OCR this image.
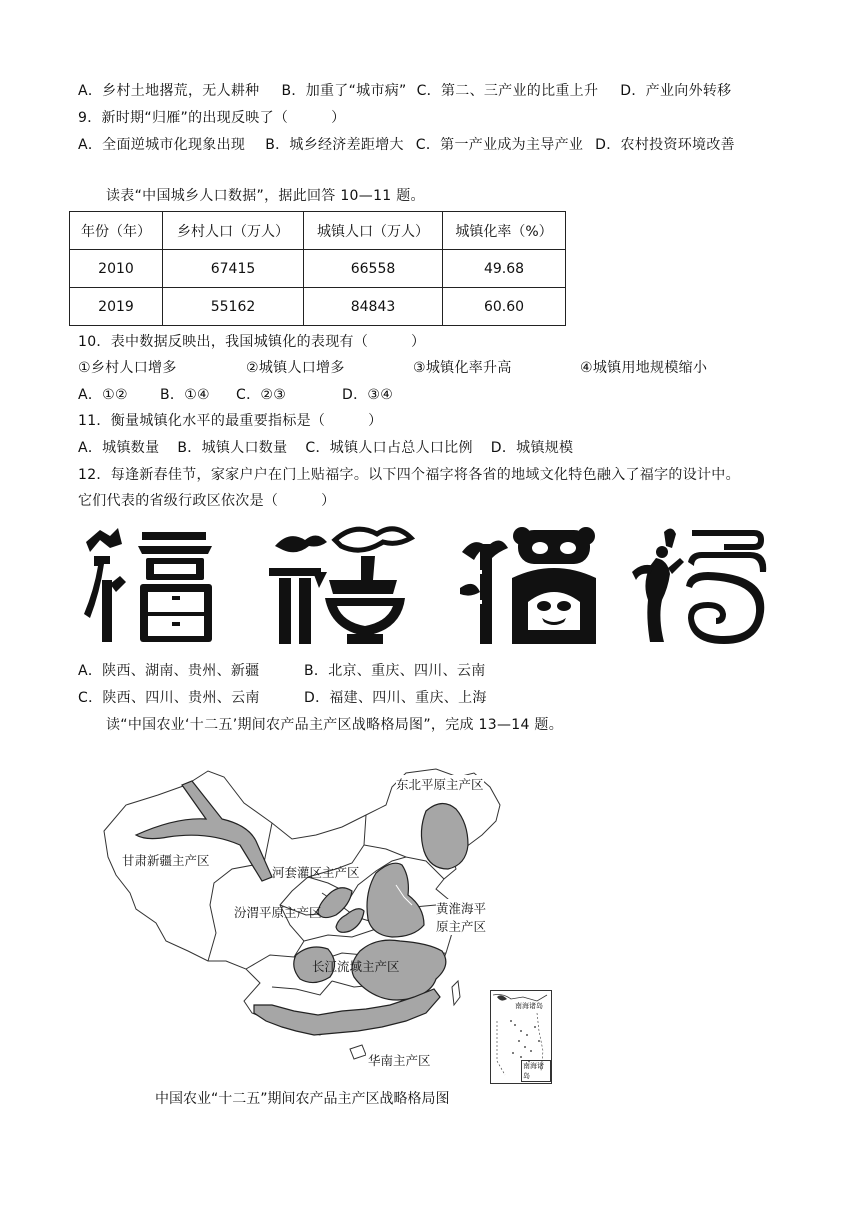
A．乡村土地撂荒，无人耕种 B．加重了“城市病” C．第二、三产业的比重上升 D．产业向外转移
9．新时期“归雁”的出现反映了（　　　）
A．全面逆城市化现象出现 B．城乡经济差距增大 C．第一产业成为主导产业 D．农村投资环境改善
读表“中国城乡人口数据”，据此回答 10—11 题。
年份（年）	乡村人口（万人）	城镇人口（万人）	城镇化率（%）
2010	67415	66558	49.68
2019	55162	84843	60.60
10．表中数据反映出，我国城镇化的表现有（　　　）
①乡村人口增多	②城镇人口增多	③城镇化率升高	④城镇用地规模缩小
A．①② B．①④ C．②③	D．③④
11．衡量城镇化水平的最重要指标是（　　　）
A．城镇数量 B．城镇人口数量 C．城镇人口占总人口比例 D．城镇规模
12．每逢新春佳节，家家户户在门上贴福字。以下四个福字将各省的地域文化特色融入了福字的设计中。
它们代表的省级行政区依次是（　　　）
A．陕西、湖南、贵州、新疆	B．北京、重庆、四川、云南
C．陕西、四川、贵州、云南	D．福建、四川、重庆、上海
读“中国农业‘十二五’期间农产品主产区战略格局图”，完成 13—14 题。
东北平原主产区
甘肃新疆主产区
河套灌区主产区
汾渭平原主产区	黄淮海平
原主产区
长江流域主产区
华南主产区
南海诸岛
南海诸岛
中国农业“十二五”期间农产品主产区战略格局图
